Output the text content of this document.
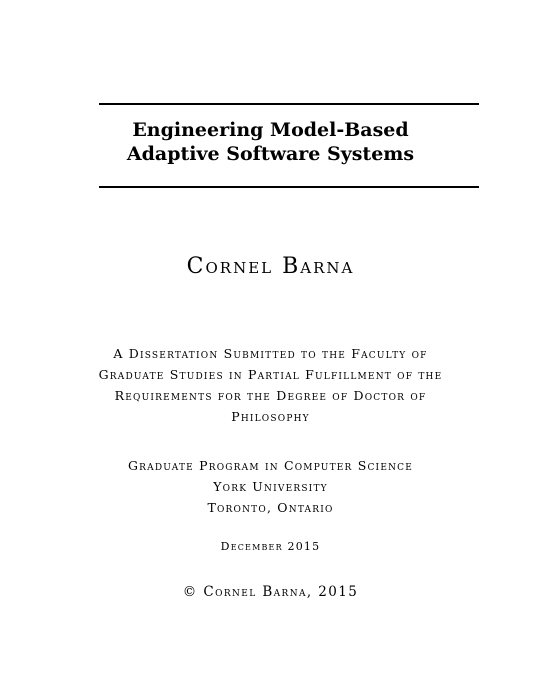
Engineering Model-Based
Adaptive Software Systems
Cornel Barna
A Dissertation Submitted to the Faculty of
Graduate Studies in Partial Fulfillment of the
Requirements for the Degree of Doctor of
Philosophy
Graduate Program in Computer Science
York University
Toronto, Ontario
December 2015
© Cornel Barna, 2015
